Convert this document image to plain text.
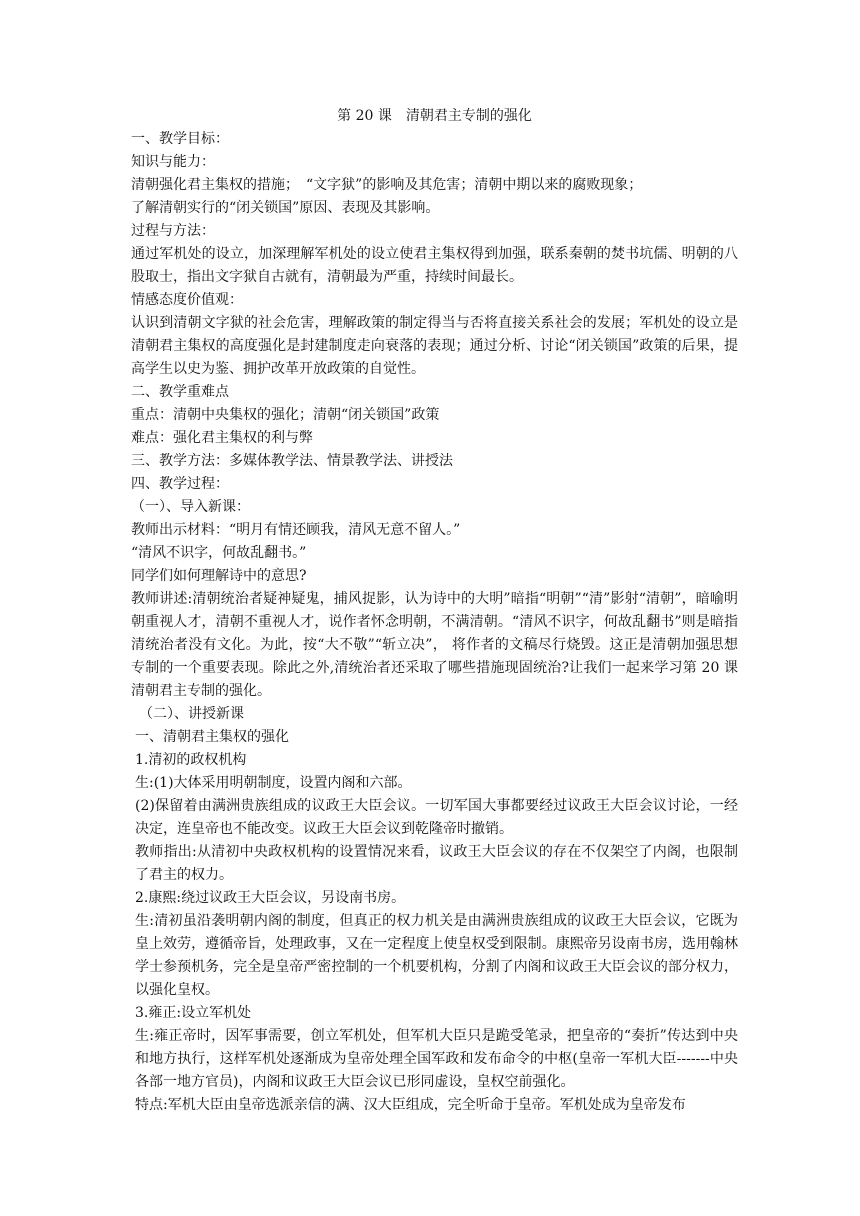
第 20 课　清朝君主专制的强化

一、教学目标：

知识与能力：

清朝强化君主集权的措施；　“文字狱”的影响及其危害；清朝中期以来的腐败现象；

了解清朝实行的“闭关锁国”原因、表现及其影响。

过程与方法：

通过军机处的设立，加深理解军机处的设立使君主集权得到加强，联系秦朝的焚书坑儒、明朝的八股取士，指出文字狱自古就有，清朝最为严重，持续时间最长。

情感态度价值观：

认识到清朝文字狱的社会危害，理解政策的制定得当与否将直接关系社会的发展；军机处的设立是清朝君主集权的高度强化是封建制度走向衰落的表现；通过分析、讨论“闭关锁国”政策的后果，提高学生以史为鉴、拥护改革开放政策的自觉性。

二、教学重难点

重点：清朝中央集权的强化；清朝“闭关锁国”政策

难点：强化君主集权的利与弊

三、教学方法：多媒体教学法、情景教学法、讲授法

四、教学过程：

（一）、导入新课：

教师出示材料：“明月有情还顾我，清风无意不留人。”

“清风不识字，何故乱翻书。”

同学们如何理解诗中的意思?

教师讲述:清朝统治者疑神疑鬼，捕风捉影，认为诗中的大明”暗指“明朝”“清”影射“清朝”，暗喻明朝重视人才，清朝不重视人才，说作者怀念明朝，不满清朝。“清风不识字，何故乱翻书”则是暗指清统治者没有文化。为此，按“大不敬”“斩立决”， 将作者的文稿尽行烧毁。这正是清朝加强思想专制的一个重要表现。除此之外,清统治者还采取了哪些措施现固统治?让我们一起来学习第 20 课清朝君主专制的强化。

（二）、讲授新课

一、清朝君主集权的强化

1.清初的政权机构

生:(1)大体采用明朝制度，设置内阁和六部。

(2)保留着由满洲贵族组成的议政王大臣会议。一切军国大事都要经过议政王大臣会议讨论，一经决定，连皇帝也不能改变。议政王大臣会议到乾隆帝时撤销。

教师指出:从清初中央政权机构的设置情况来看，议政王大臣会议的存在不仅架空了内阁，也限制了君主的权力。

2.康熙:绕过议政王大臣会议，另设南书房。

生:清初虽沿袭明朝内阁的制度，但真正的权力机关是由满洲贵族组成的议政王大臣会议，它既为皇上效劳，遵循帝旨，处理政事，又在一定程度上使皇权受到限制。康熙帝另设南书房，选用翰林学士参预机务，完全是皇帝严密控制的一个机要机构，分割了内阁和议政王大臣会议的部分权力，以强化皇权。

3.雍正:设立军机处

生:雍正帝时，因军事需要，创立军机处，但军机大臣只是跪受笔录，把皇帝的“奏折”传达到中央和地方执行，这样军机处逐渐成为皇帝处理全国军政和发布命令的中枢(皇帝一军机大臣-------中央各部一地方官员)，内阁和议政王大臣会议已形同虚设，皇权空前强化。

特点:军机大臣由皇帝选派亲信的满、汉大臣组成，完全听命于皇帝。军机处成为皇帝发布
